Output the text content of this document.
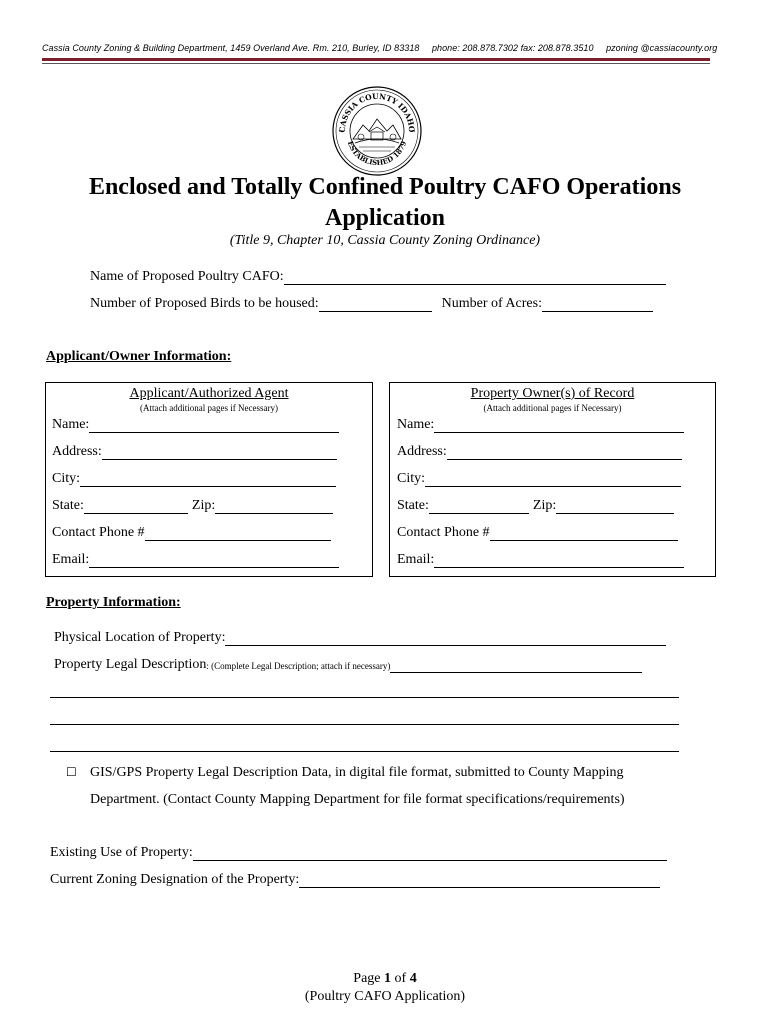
Cassia County Zoning & Building Department, 1459 Overland Ave. Rm. 210, Burley, ID 83318 phone: 208.878.7302 fax: 208.878.3510 pzoning @cassiacounty.org
CASSIA COUNTY IDAHO
ESTABLISHED 1879
Enclosed and Totally Confined Poultry CAFO Operations
Application
(Title 9, Chapter 10, Cassia County Zoning Ordinance)
Name of Proposed Poultry CAFO:
Number of Proposed Birds to be housed:	Number of Acres:
Applicant/Owner Information:
Applicant/Authorized Agent
(Attach additional pages if Necessary)
Name:
Address:
City:
State:	Zip:
Contact Phone #
Email:
Property Owner(s) of Record
(Attach additional pages if Necessary)
Name:
Address:
City:
State:	Zip:
Contact Phone #
Email:
Property Information:
Physical Location of Property:
Property Legal Description : (Complete Legal Description; attach if necessary)
☐ GIS/GPS Property Legal Description Data, in digital file format, submitted to County Mapping
Department. (Contact County Mapping Department for file format specifications/requirements)
Existing Use of Property:
Current Zoning Designation of the Property:
Page 1 of 4
(Poultry CAFO Application)
